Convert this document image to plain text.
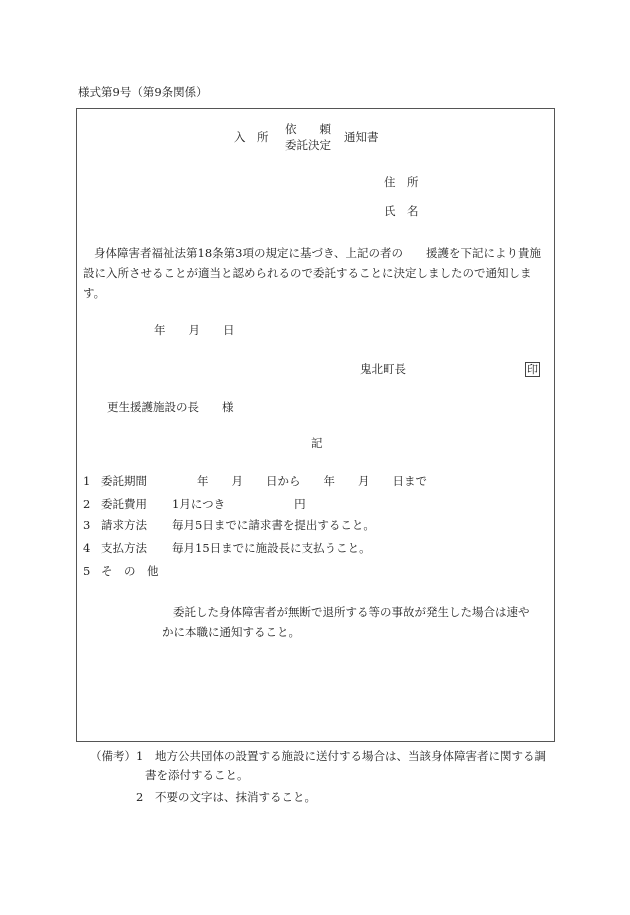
様式第9号（第9条関係）
入　所
依　　頼
委託決定
通知書
住　所
氏　名
身体障害者福祉法第18条第3項の規定に基づき、上記の者の　　援護を下記により貴施
設に入所させることが適当と認められるので委託することに決定しましたので通知しま
す。
年　　月　　日
鬼北町長	印
更生援護施設の長　　様
記
1 委託期間	年　　月　　日から　　年　　月　　日まで
2 委託費用 1月につき　　　　　　円
3 請求方法 毎月5日までに請求書を提出すること。
4 支払方法 毎月15日までに施設長に支払うこと。
5 そ　の　他
委託した身体障害者が無断で退所する等の事故が発生した場合は速や
かに本職に通知すること。
（備考） 1 地方公共団体の設置する施設に送付する場合は、当該身体障害者に関する調
書を添付すること。
2 不要の文字は、抹消すること。
